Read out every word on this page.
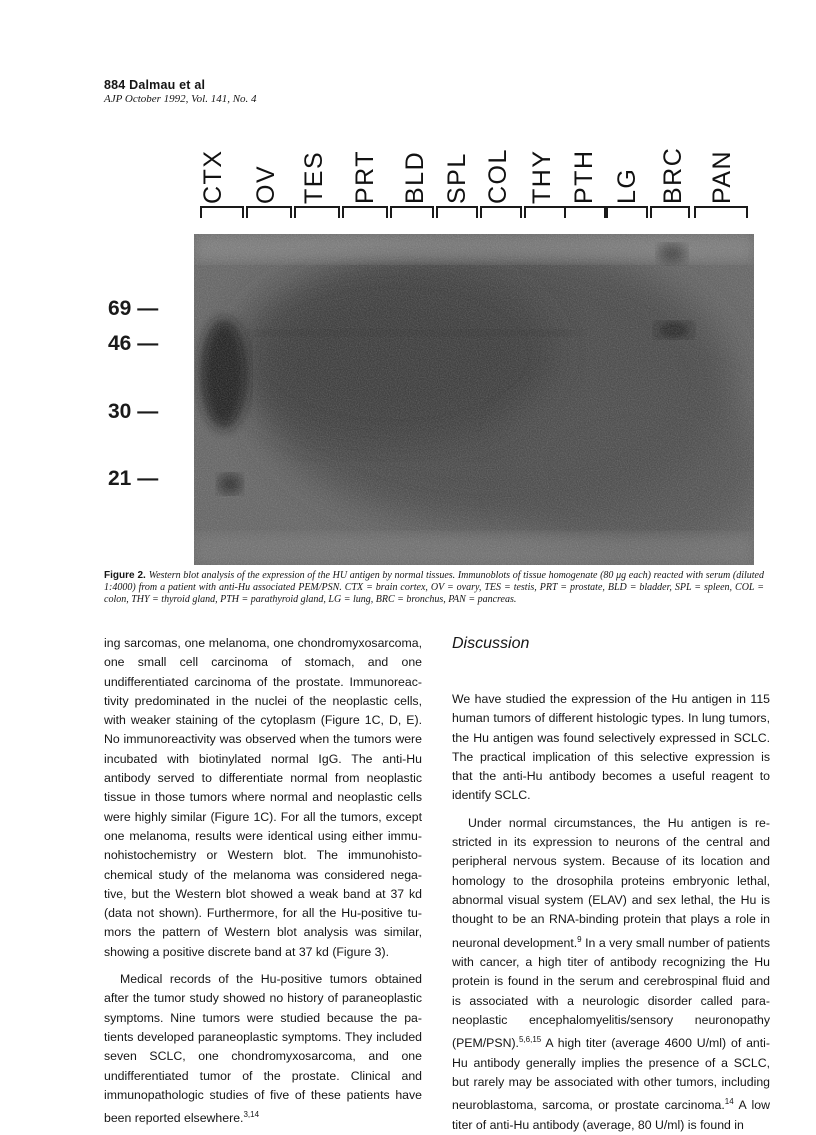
884 Dalmau et al
AJP October 1992, Vol. 141, No. 4
CTX OV TES PRT BLD SPL COL THY PTH LG BRC PAN
69 —
46 —
30 —
21 —
Figure 2. Western blot analysis of the expression of the HU antigen by normal tissues. Immunoblots of tissue homogenate (80 μg each) reacted with serum (diluted 1:4000) from a patient with anti-Hu associated PEM/PSN. CTX = brain cortex, OV = ovary, TES = testis, PRT = prostate, BLD = bladder, SPL = spleen, COL = colon, THY = thyroid gland, PTH = parathyroid gland, LG = lung, BRC = bronchus, PAN = pancreas.

ing sarcomas, one melanoma, one chondromyxosarcoma, one small cell carcinoma of stomach, and one undifferentiated carcinoma of the prostate. Immunoreactivity predominated in the nuclei of the neoplastic cells, with weaker staining of the cytoplasm (Figure 1C, D, E). No immunoreactivity was observed when the tumors were incubated with biotinylated normal IgG. The anti-Hu antibody served to differentiate normal from neoplastic tissue in those tumors where normal and neoplastic cells were highly similar (Figure 1C). For all the tumors, except one melanoma, results were identical using either immunohistochemistry or Western blot. The immunohistochemical study of the melanoma was considered negative, but the Western blot showed a weak band at 37 kd (data not shown). Furthermore, for all the Hu-positive tumors the pattern of Western blot analysis was similar, showing a positive discrete band at 37 kd (Figure 3).

Medical records of the Hu-positive tumors obtained after the tumor study showed no history of paraneoplastic symptoms. Nine tumors were studied because the patients developed paraneoplastic symptoms. They included seven SCLC, one chondromyxosarcoma, and one undifferentiated tumor of the prostate. Clinical and immunopathologic studies of five of these patients have been reported elsewhere.$^{3,14}$

Discussion

We have studied the expression of the Hu antigen in 115 human tumors of different histologic types. In lung tumors, the Hu antigen was found selectively expressed in SCLC. The practical implication of this selective expression is that the anti-Hu antibody becomes a useful reagent to identify SCLC.

Under normal circumstances, the Hu antigen is restricted in its expression to neurons of the central and peripheral nervous system. Because of its location and homology to the drosophila proteins embryonic lethal, abnormal visual system (ELAV) and sex lethal, the Hu is thought to be an RNA-binding protein that plays a role in neuronal development.$^9$ In a very small number of patients with cancer, a high titer of antibody recognizing the Hu protein is found in the serum and cerebrospinal fluid and is associated with a neurologic disorder called paraneoplastic encephalomyelitis/sensory neuronopathy (PEM/PSN).$^{5,6,15}$ A high titer (average 4600 U/ml) of anti-Hu antibody generally implies the presence of a SCLC, but rarely may be associated with other tumors, including neuroblastoma, sarcoma, or prostate carcinoma.$^{14}$ A low titer of anti-Hu antibody (average, 80 U/ml) is found in
